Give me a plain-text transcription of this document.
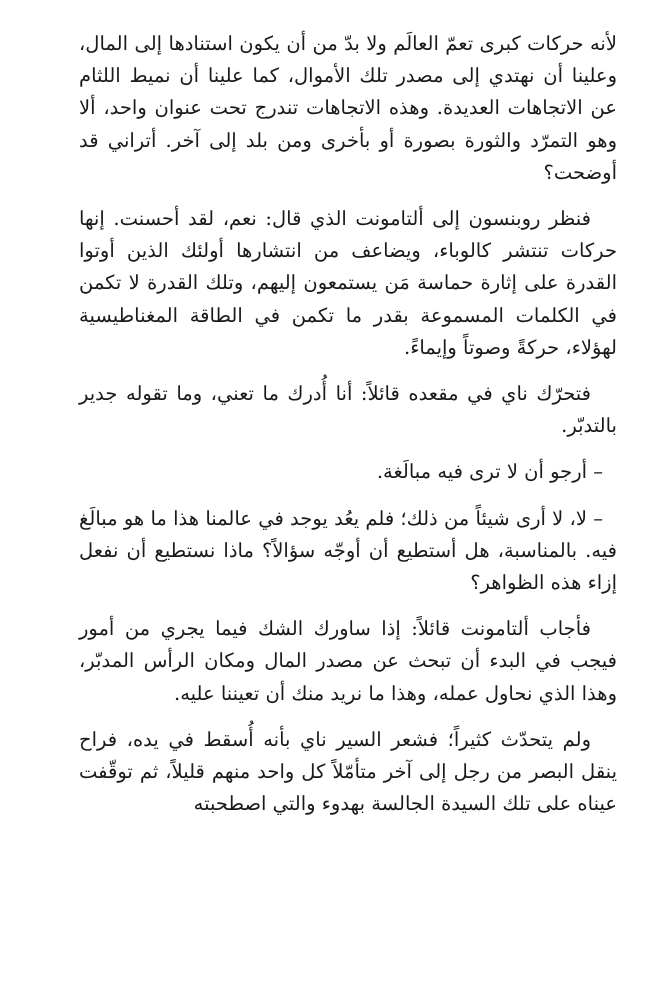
لأنه حركات كبرى تعمّ العالَم ولا بدّ من أن يكون استنادها إلى المال، وعلينا أن نهتدي إلى مصدر تلك الأموال، كما علينا أن نميط اللثام عن الاتجاهات العديدة. وهذه الاتجاهات تندرج تحت عنوان واحد، ألا وهو التمرّد والثورة بصورة أو بأخرى ومن بلد إلى آخر. أتراني قد أوضحت؟

فنظر روبنسون إلى ألتامونت الذي قال: نعم، لقد أحسنت. إنها حركات تنتشر كالوباء، ويضاعف من انتشارها أولئك الذين أوتوا القدرة على إثارة حماسة مَن يستمعون إليهم، وتلك القدرة لا تكمن في الكلمات المسموعة بقدر ما تكمن في الطاقة المغناطيسية لهؤلاء، حركةً وصوتاً وإيماءً.

فتحرّك ناي في مقعده قائلاً: أنا أُدرك ما تعني، وما تقوله جدير بالتدبّر.

– أرجو أن لا ترى فيه مبالَغة.

– لا، لا أرى شيئاً من ذلك؛ فلم يعُد يوجد في عالمنا هذا ما هو مبالَغ فيه. بالمناسبة، هل أستطيع أن أوجّه سؤالاً؟ ماذا نستطيع أن نفعل إزاء هذه الظواهر؟

فأجاب ألتامونت قائلاً: إذا ساورك الشك فيما يجري من أمور فيجب في البدء أن تبحث عن مصدر المال ومكان الرأس المدبّر، وهذا الذي نحاول عمله، وهذا ما نريد منك أن تعيننا عليه.

ولم يتحدّث كثيراً؛ فشعر السير ناي بأنه أُسقط في يده، فراح ينقل البصر من رجل إلى آخر متأمّلاً كل واحد منهم قليلاً، ثم توقّفت عيناه على تلك السيدة الجالسة بهدوء والتي اصطحبته
